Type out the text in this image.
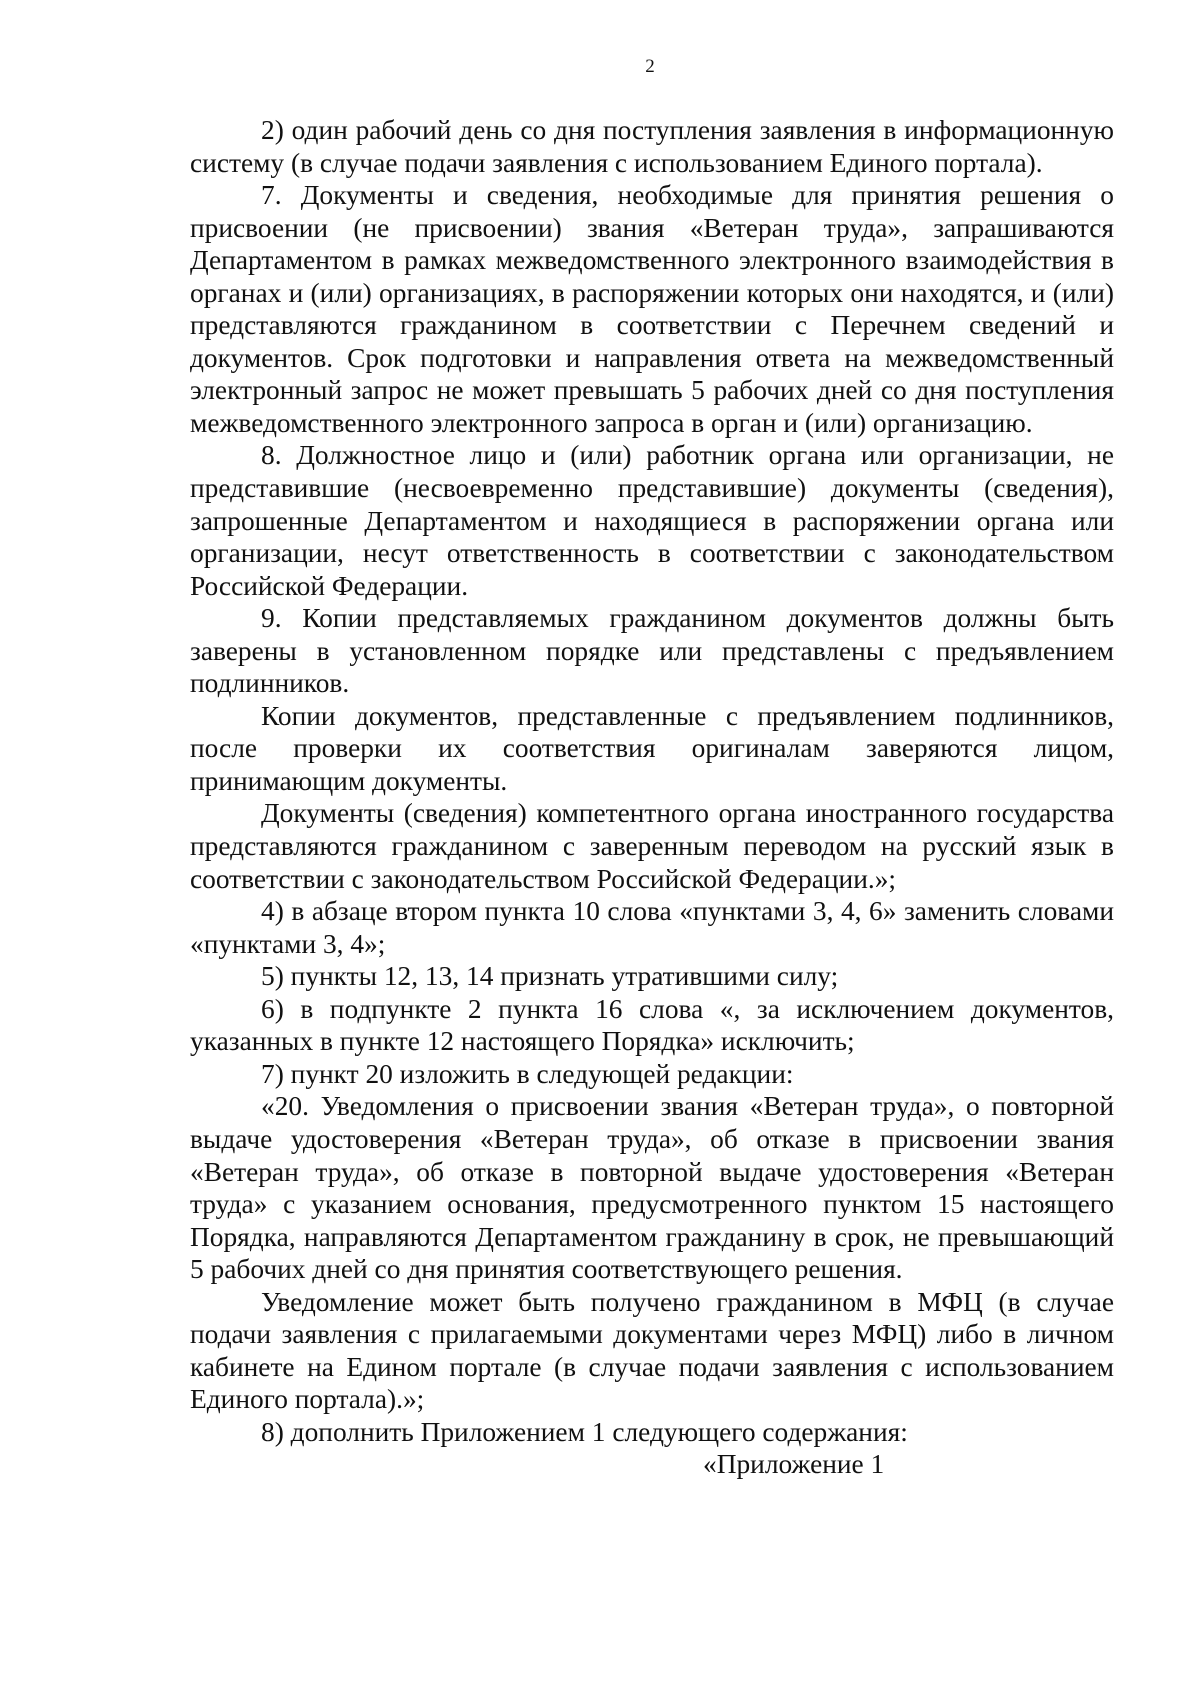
2

2) один рабочий день со дня поступления заявления в информационную систему (в случае подачи заявления с использованием Единого портала).

7. Документы и сведения, необходимые для принятия решения о присвоении (не присвоении) звания «Ветеран труда», запрашиваются Департаментом в рамках межведомственного электронного взаимодействия в органах и (или) организациях, в распоряжении которых они находятся, и (или) представляются гражданином в соответствии с Перечнем сведений и документов. Срок подготовки и направления ответа на межведомственный электронный запрос не может превышать 5 рабочих дней со дня поступления межведомственного электронного запроса в орган и (или) организацию.

8. Должностное лицо и (или) работник органа или организации, не представившие (несвоевременно представившие) документы (сведения), запрошенные Департаментом и находящиеся в распоряжении органа или организации, несут ответственность в соответствии с законодательством Российской Федерации.

9. Копии представляемых гражданином документов должны быть заверены в установленном порядке или представлены с предъявлением подлинников.

Копии документов, представленные с предъявлением подлинников, после проверки их соответствия оригиналам заверяются лицом, принимающим документы.

Документы (сведения) компетентного органа иностранного государства представляются гражданином с заверенным переводом на русский язык в соответствии с законодательством Российской Федерации.»;

4) в абзаце втором пункта 10 слова «пунктами 3, 4, 6» заменить словами «пунктами 3, 4»;

5) пункты 12, 13, 14 признать утратившими силу;

6) в подпункте 2 пункта 16 слова «, за исключением документов, указанных в пункте 12 настоящего Порядка» исключить;

7) пункт 20 изложить в следующей редакции:

«20. Уведомления о присвоении звания «Ветеран труда», о повторной выдаче удостоверения «Ветеран труда», об отказе в присвоении звания «Ветеран труда», об отказе в повторной выдаче удостоверения «Ветеран труда» с указанием основания, предусмотренного пунктом 15 настоящего Порядка, направляются Департаментом гражданину в срок, не превышающий 5 рабочих дней со дня принятия соответствующего решения.

Уведомление может быть получено гражданином в МФЦ (в случае подачи заявления с прилагаемыми документами через МФЦ) либо в личном кабинете на Едином портале (в случае подачи заявления с использованием Единого портала).»;

8) дополнить Приложением 1 следующего содержания:

«Приложение 1
